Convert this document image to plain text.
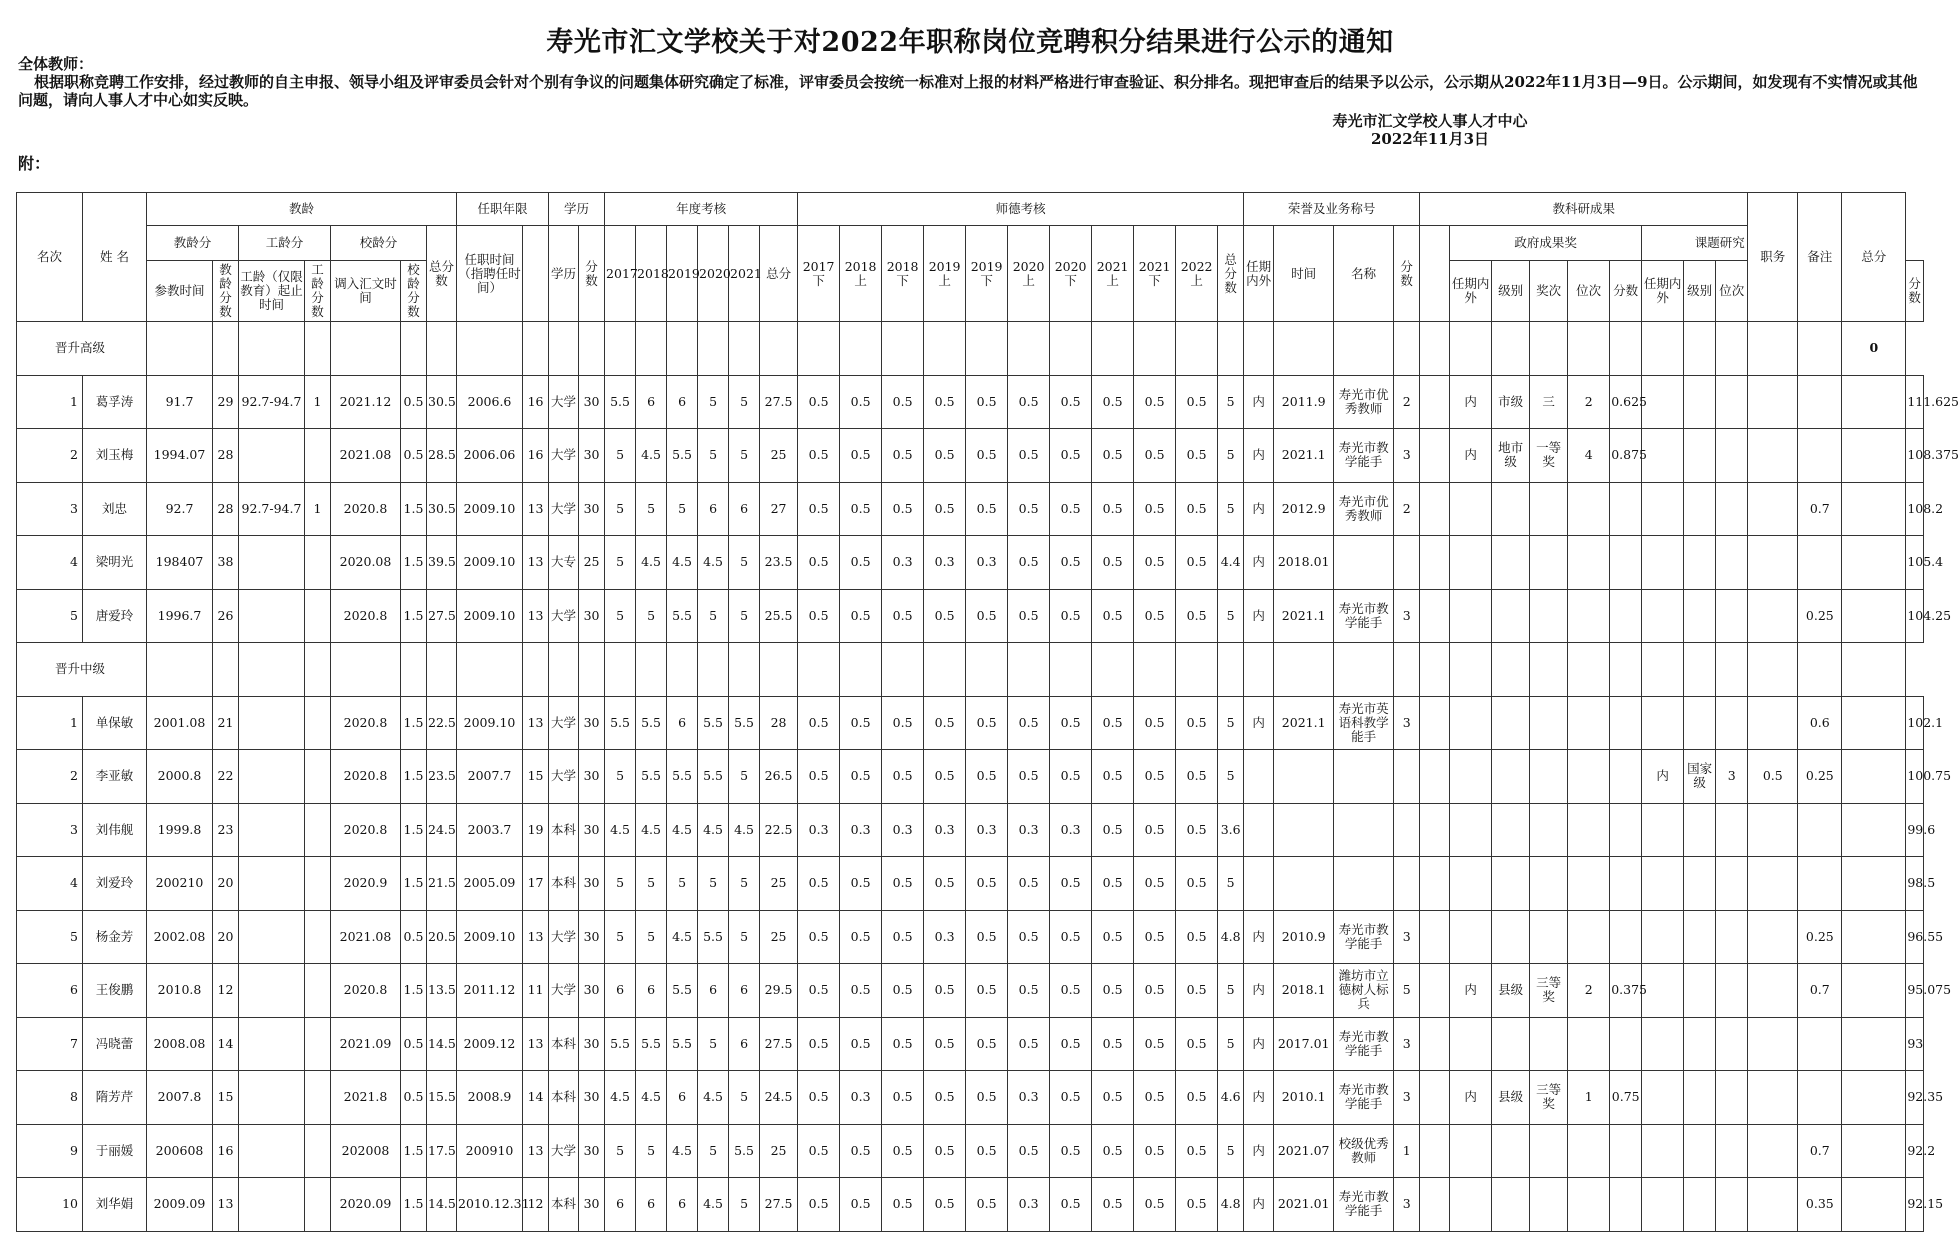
寿光市汇文学校关于对2022年职称岗位竞聘积分结果进行公示的通知

全体教师：

根据职称竞聘工作安排，经过教师的自主申报、领导小组及评审委员会针对个别有争议的问题集体研究确定了标准，评审委员会按统一标准对上报的材料严格进行审查验证、积分排名。现把审查后的结果予以公示，公示期从2022年11月3日—9日。公示期间，如发现有不实情况或其他问题，请向人事人才中心如实反映。

寿光市汇文学校人事人才中心
2022年11月3日
附：
名次	姓 名	教龄							任职年限		学历		年度考核						师德考核											荣誉及业务称号				教科研成果									职务	备注	总分	
		教龄分		工龄分		校龄分		总分数	任职时间（指聘任时间）		学历	分数	2017	2018	2019	2020	2021	总分	2017下	2018上	2018下	2019上	2019下	2020上	2020下	2021上	2021下	2022上	总分数	任期内外	时间	名称	分数		政府成果奖					课题研究						
		参教时间	教龄分数	工龄（仅限教育）起止时间	工龄分数	调入汇文时间	校龄分数																												任期内外	级别	奖次	位次	分数	任期内外	级别	位次				分数
晋升高级																																													0	
1	葛孚涛	91.7	29	92.7-94.7	1	2021.12	0.5	30.5	2006.6	16	大学	30	5.5	6	6	5	5	27.5	0.5	0.5	0.5	0.5	0.5	0.5	0.5	0.5	0.5	0.5	5	内	2011.9	寿光市优秀教师	2		内	市级	三	2	0.625							111.625
2	刘玉梅	1994.07	28			2021.08	0.5	28.5	2006.06	16	大学	30	5	4.5	5.5	5	5	25	0.5	0.5	0.5	0.5	0.5	0.5	0.5	0.5	0.5	0.5	5	内	2021.1	寿光市教学能手	3		内	地市级	一等奖	4	0.875							108.375
3	刘忠	92.7	28	92.7-94.7	1	2020.8	1.5	30.5	2009.10	13	大学	30	5	5	5	6	6	27	0.5	0.5	0.5	0.5	0.5	0.5	0.5	0.5	0.5	0.5	5	内	2012.9	寿光市优秀教师	2											0.7		108.2
4	梁明光	198407	38			2020.08	1.5	39.5	2009.10	13	大专	25	5	4.5	4.5	4.5	5	23.5	0.5	0.5	0.3	0.3	0.3	0.5	0.5	0.5	0.5	0.5	4.4	内	2018.01															105.4
5	唐爱玲	1996.7	26			2020.8	1.5	27.5	2009.10	13	大学	30	5	5	5.5	5	5	25.5	0.5	0.5	0.5	0.5	0.5	0.5	0.5	0.5	0.5	0.5	5	内	2021.1	寿光市教学能手	3											0.25		104.25
晋升中级																																														
1	单保敏	2001.08	21			2020.8	1.5	22.5	2009.10	13	大学	30	5.5	5.5	6	5.5	5.5	28	0.5	0.5	0.5	0.5	0.5	0.5	0.5	0.5	0.5	0.5	5	内	2021.1	寿光市英语科教学能手	3											0.6		102.1
2	李亚敏	2000.8	22			2020.8	1.5	23.5	2007.7	15	大学	30	5	5.5	5.5	5.5	5	26.5	0.5	0.5	0.5	0.5	0.5	0.5	0.5	0.5	0.5	0.5	5											内	国家级	3	0.5	0.25		100.75
3	刘伟舰	1999.8	23			2020.8	1.5	24.5	2003.7	19	本科	30	4.5	4.5	4.5	4.5	4.5	22.5	0.3	0.3	0.3	0.3	0.3	0.3	0.3	0.5	0.5	0.5	3.6																	99.6
4	刘爱玲	200210	20			2020.9	1.5	21.5	2005.09	17	本科	30	5	5	5	5	5	25	0.5	0.5	0.5	0.5	0.5	0.5	0.5	0.5	0.5	0.5	5																	98.5
5	杨金芳	2002.08	20			2021.08	0.5	20.5	2009.10	13	大学	30	5	5	4.5	5.5	5	25	0.5	0.5	0.5	0.3	0.5	0.5	0.5	0.5	0.5	0.5	4.8	内	2010.9	寿光市教学能手	3											0.25		96.55
6	王俊鹏	2010.8	12			2020.8	1.5	13.5	2011.12	11	大学	30	6	6	5.5	6	6	29.5	0.5	0.5	0.5	0.5	0.5	0.5	0.5	0.5	0.5	0.5	5	内	2018.1	潍坊市立德树人标兵	5		内	县级	三等奖	2	0.375					0.7		95.075
7	冯晓蕾	2008.08	14			2021.09	0.5	14.5	2009.12	13	本科	30	5.5	5.5	5.5	5	6	27.5	0.5	0.5	0.5	0.5	0.5	0.5	0.5	0.5	0.5	0.5	5	内	2017.01	寿光市教学能手	3													93
8	隋芳芹	2007.8	15			2021.8	0.5	15.5	2008.9	14	本科	30	4.5	4.5	6	4.5	5	24.5	0.5	0.3	0.5	0.5	0.5	0.3	0.5	0.5	0.5	0.5	4.6	内	2010.1	寿光市教学能手	3		内	县级	三等奖	1	0.75							92.35
9	于丽媛	200608	16			202008	1.5	17.5	200910	13	大学	30	5	5	4.5	5	5.5	25	0.5	0.5	0.5	0.5	0.5	0.5	0.5	0.5	0.5	0.5	5	内	2021.07	校级优秀教师	1											0.7		92.2
10	刘华娟	2009.09	13			2020.09	1.5	14.5	2010.12.31	12	本科	30	6	6	6	4.5	5	27.5	0.5	0.5	0.5	0.5	0.5	0.3	0.5	0.5	0.5	0.5	4.8	内	2021.01	寿光市教学能手	3											0.35		92.15
